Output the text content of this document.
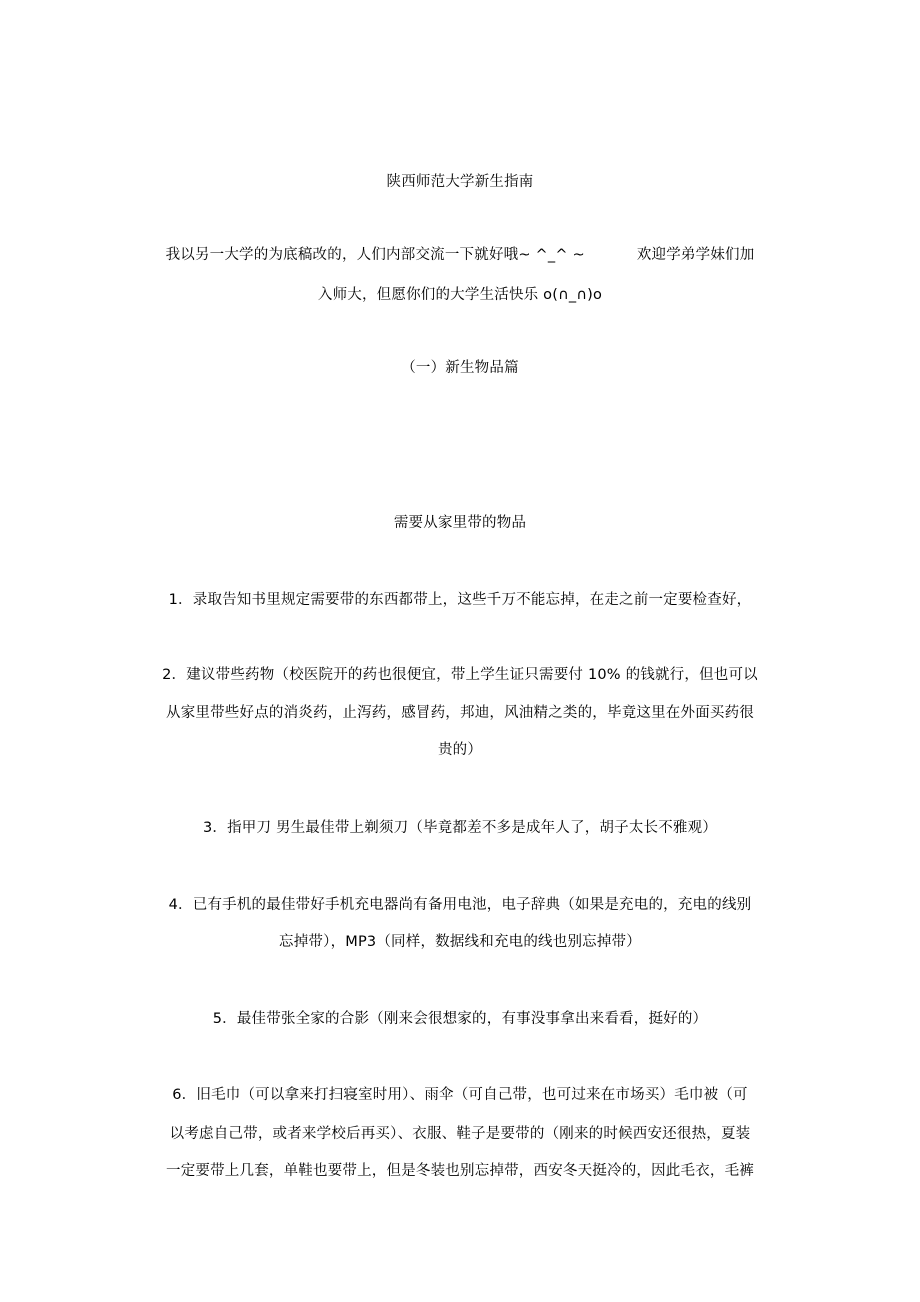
陕西师范大学新生指南
我以另一大学的为底稿改的，人们内部交流一下就好哦~ ^_^ ~	欢迎学弟学妹们加
入师大，但愿你们的大学生活快乐 o(∩_∩)o
（一）新生物品篇
需要从家里带的物品
1．录取告知书里规定需要带的东西都带上，这些千万不能忘掉，在走之前一定要检查好，
2．建议带些药物（校医院开的药也很便宜，带上学生证只需要付 10% 的钱就行，但也可以
从家里带些好点的消炎药，止泻药，感冒药，邦迪，风油精之类的，毕竟这里在外面买药很
贵的）
3．指甲刀 男生最佳带上剃须刀（毕竟都差不多是成年人了，胡子太长不雅观）
4．已有手机的最佳带好手机充电器尚有备用电池，电子辞典（如果是充电的，充电的线别
忘掉带），MP3（同样，数据线和充电的线也别忘掉带）
5．最佳带张全家的合影（刚来会很想家的，有事没事拿出来看看，挺好的）
6．旧毛巾（可以拿来打扫寝室时用）、雨伞（可自己带，也可过来在市场买）毛巾被（可
以考虑自己带，或者来学校后再买）、衣服、鞋子是要带的（刚来的时候西安还很热，夏装
一定要带上几套，单鞋也要带上，但是冬装也别忘掉带，西安冬天挺冷的，因此毛衣，毛裤
